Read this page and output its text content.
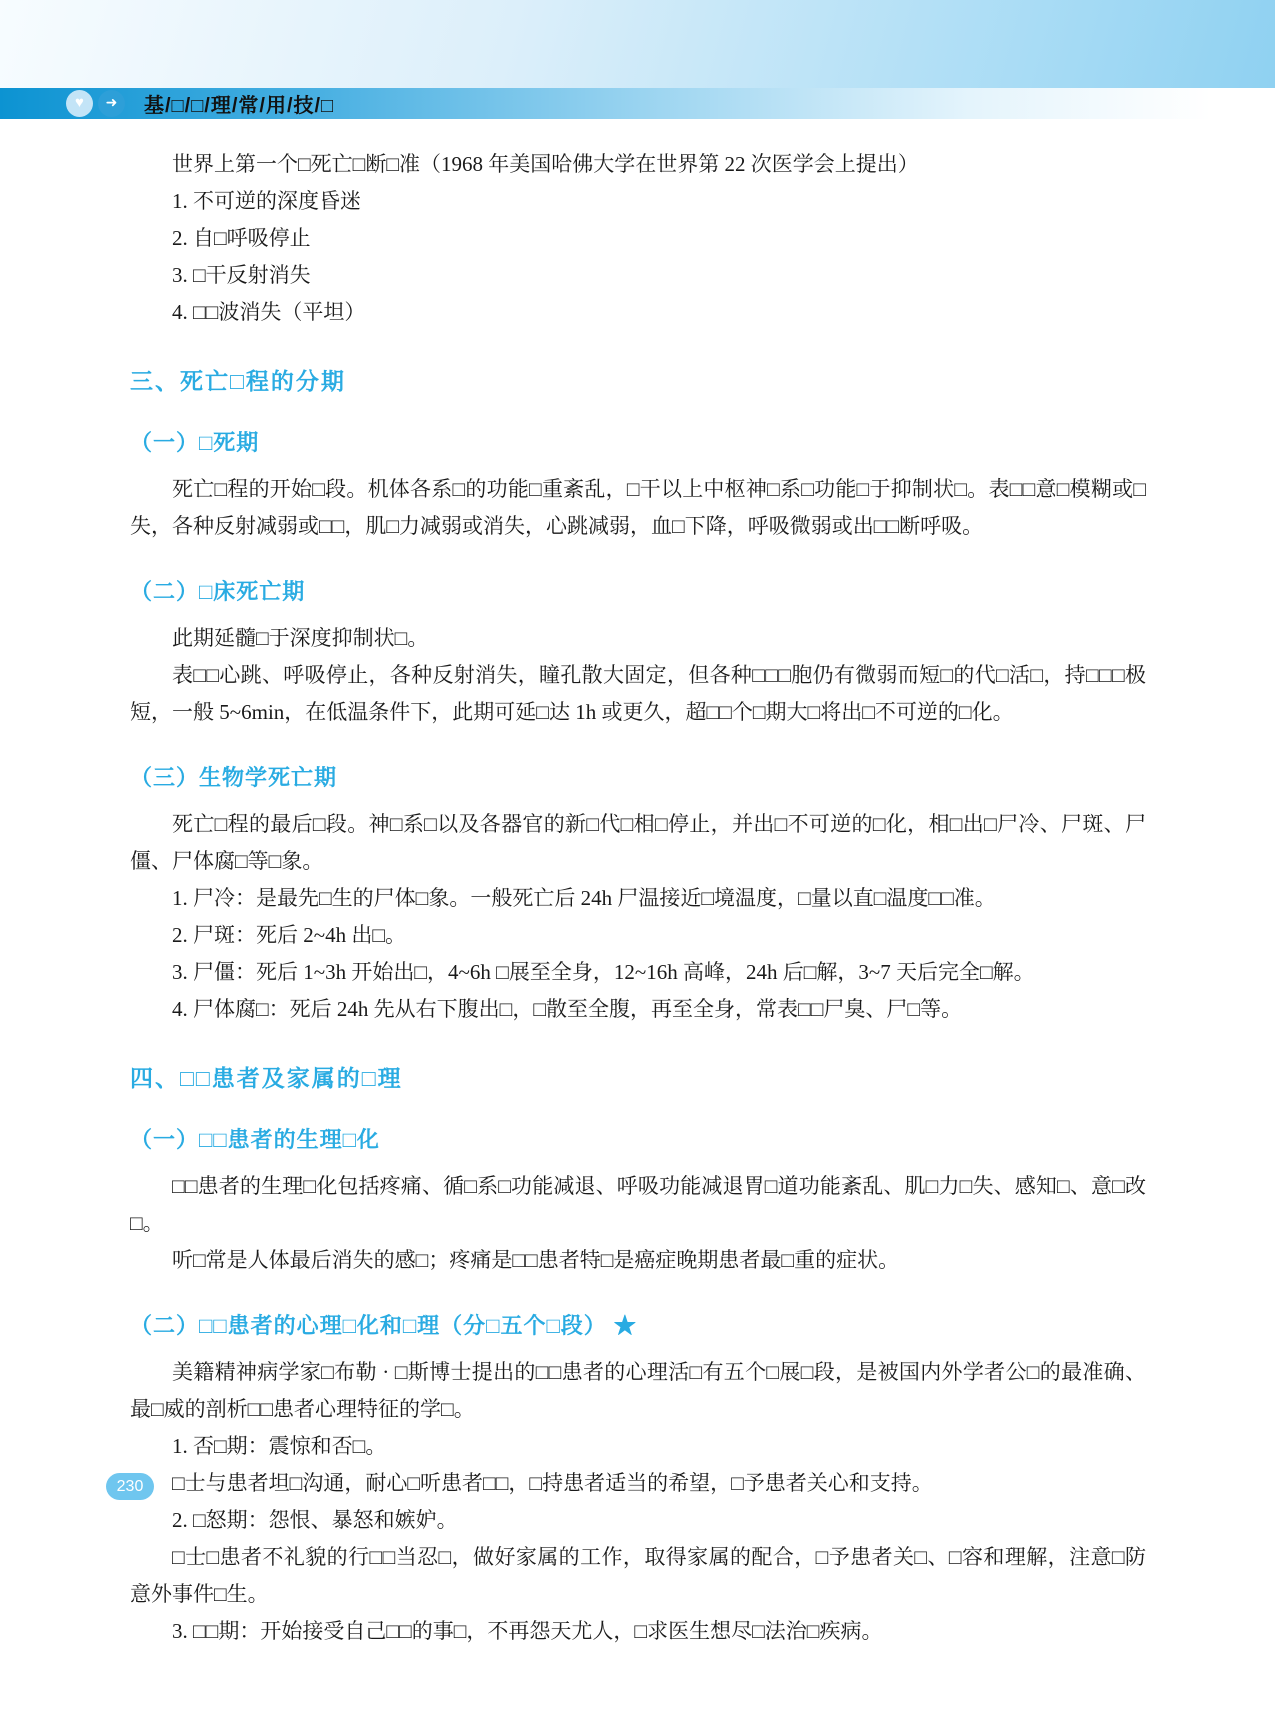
♥	➜	基/□/□/理/常/用/技/□

世界上第一个□死亡□断□准（1968 年美国哈佛大学在世界第 22 次医学会上提出）

1. 不可逆的深度昏迷

2. 自□呼吸停止

3. □干反射消失

4. □□波消失（平坦）

三、死亡□程的分期
（一）□死期

死亡□程的开始□段。机体各系□的功能□重紊乱，□干以上中枢神□系□功能□于抑制状□。表□□意□模糊或□失，各种反射减弱或□□，肌□力减弱或消失，心跳减弱，血□下降，呼吸微弱或出□□断呼吸。

（二）□床死亡期

此期延髓□于深度抑制状□。

表□□心跳、呼吸停止，各种反射消失，瞳孔散大固定，但各种□□□胞仍有微弱而短□的代□活□，持□□□极短，一般 5~6min，在低温条件下，此期可延□达 1h 或更久，超□□个□期大□将出□不可逆的□化。

（三）生物学死亡期

死亡□程的最后□段。神□系□以及各器官的新□代□相□停止，并出□不可逆的□化，相□出□尸冷、尸斑、尸僵、尸体腐□等□象。

1. 尸冷：是最先□生的尸体□象。一般死亡后 24h 尸温接近□境温度，□量以直□温度□□准。

2. 尸斑：死后 2~4h 出□。

3. 尸僵：死后 1~3h 开始出□，4~6h □展至全身，12~16h 高峰，24h 后□解，3~7 天后完全□解。

4. 尸体腐□：死后 24h 先从右下腹出□，□散至全腹，再至全身，常表□□尸臭、尸□等。

四、□□患者及家属的□理
（一）□□患者的生理□化

□□患者的生理□化包括疼痛、循□系□功能减退、呼吸功能减退胃□道功能紊乱、肌□力□失、感知□、意□改□。

听□常是人体最后消失的感□；疼痛是□□患者特□是癌症晚期患者最□重的症状。

（二）□□患者的心理□化和□理（分□五个□段） ★

美籍精神病学家□布勒 · □斯博士提出的□□患者的心理活□有五个□展□段，是被国内外学者公□的最准确、最□威的剖析□□患者心理特征的学□。

1. 否□期：震惊和否□。

□士与患者坦□沟通，耐心□听患者□□，□持患者适当的希望，□予患者关心和支持。

2. □怒期：怨恨、暴怒和嫉妒。

□士□患者不礼貌的行□□当忍□，做好家属的工作，取得家属的配合，□予患者关□、□容和理解，注意□防意外事件□生。

3. □□期：开始接受自己□□的事□，不再怨天尤人，□求医生想尽□法治□疾病。

230
